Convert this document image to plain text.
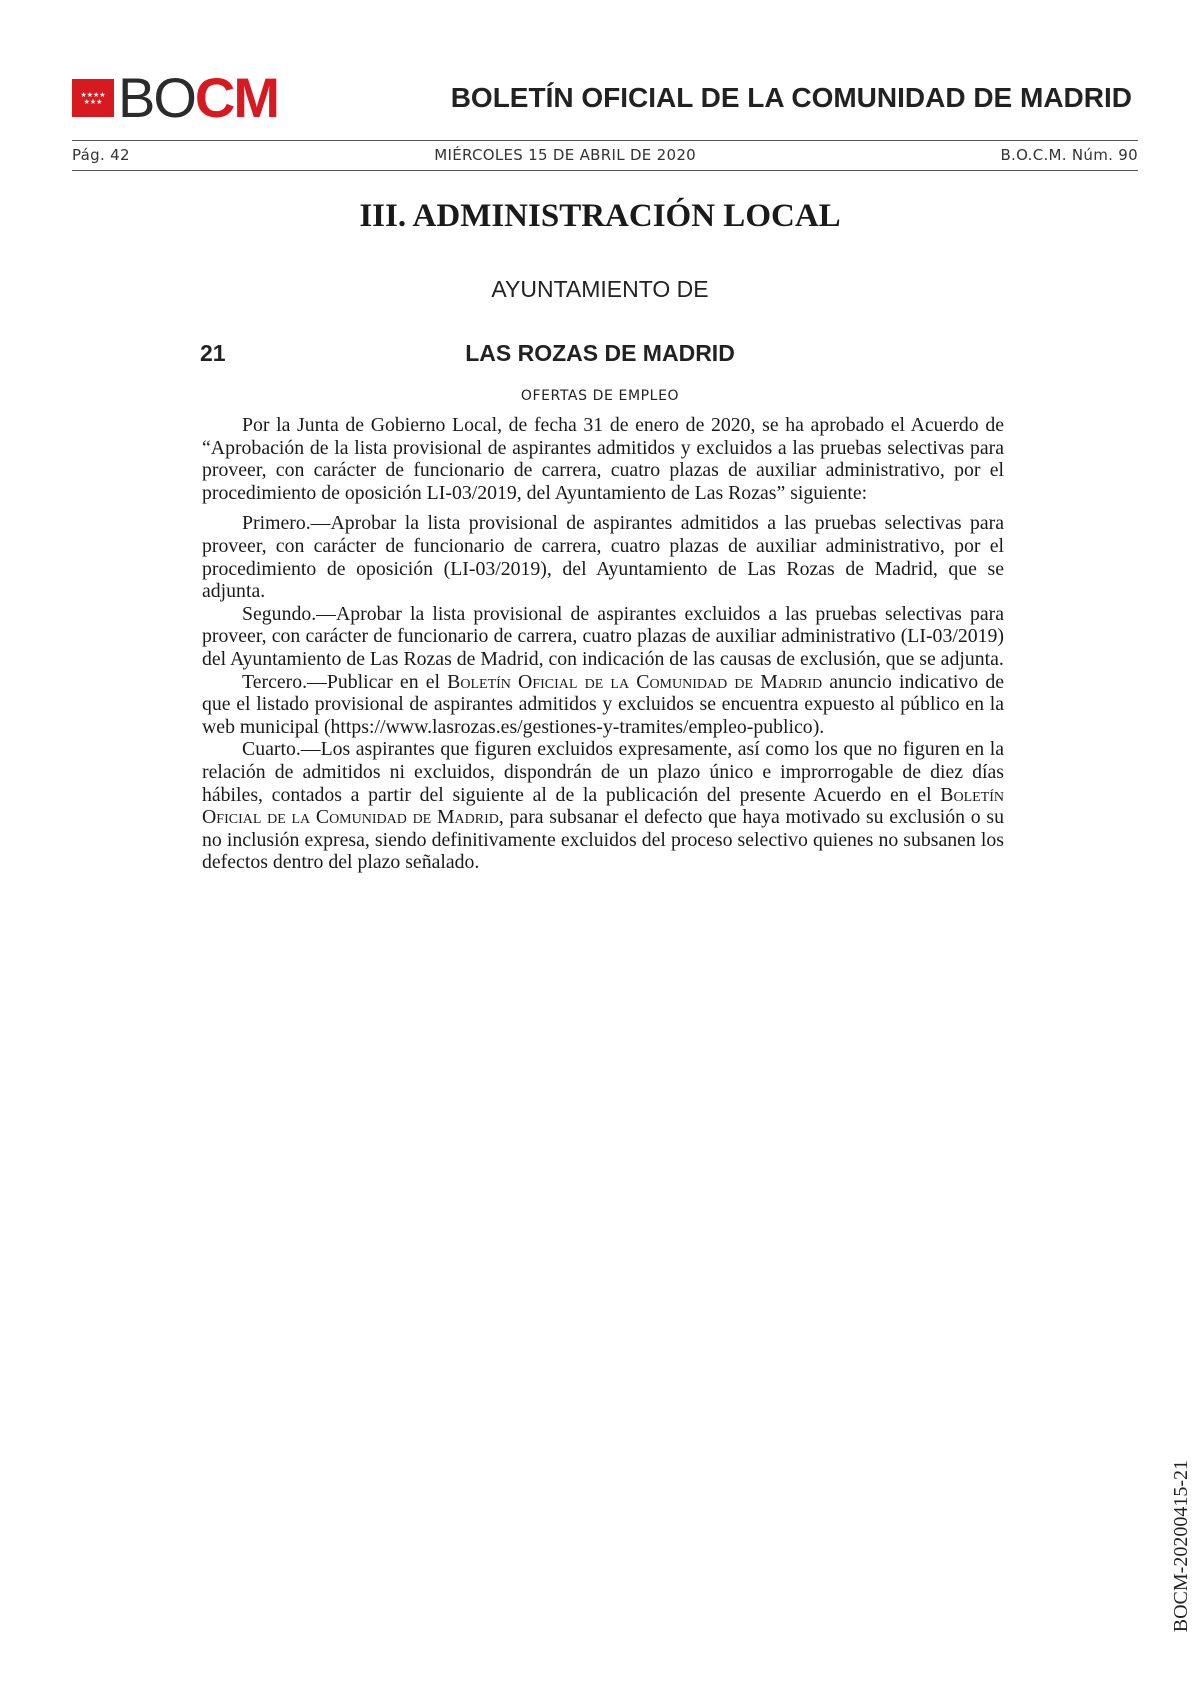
★★★★
★★★ BOCM	BOLETÍN OFICIAL DE LA COMUNIDAD DE MADRID
Pág. 42	MIÉRCOLES 15 DE ABRIL DE 2020	B.O.C.M. Núm. 90
III. ADMINISTRACIÓN LOCAL
AYUNTAMIENTO DE
21	LAS ROZAS DE MADRID
OFERTAS DE EMPLEO

Por la Junta de Gobierno Local, de fecha 31 de enero de 2020, se ha aprobado el Acuerdo de “Aprobación de la lista provisional de aspirantes admitidos y excluidos a las pruebas selectivas para proveer, con carácter de funcionario de carrera, cuatro plazas de auxiliar administrativo, por el procedimiento de oposición LI-03/2019, del Ayuntamiento de Las Rozas” siguiente:

Primero.—Aprobar la lista provisional de aspirantes admitidos a las pruebas selectivas para proveer, con carácter de funcionario de carrera, cuatro plazas de auxiliar administrativo, por el procedimiento de oposición (LI-03/2019), del Ayuntamiento de Las Rozas de Madrid, que se adjunta.

Segundo.—Aprobar la lista provisional de aspirantes excluidos a las pruebas selectivas para proveer, con carácter de funcionario de carrera, cuatro plazas de auxiliar administrativo (LI-03/2019) del Ayuntamiento de Las Rozas de Madrid, con indicación de las causas de exclusión, que se adjunta.

Tercero.—Publicar en el Boletín Oficial de la Comunidad de Madrid anuncio indicativo de que el listado provisional de aspirantes admitidos y excluidos se encuentra expuesto al público en la web municipal (https://www.lasrozas.es/gestiones-y-tramites/empleo-publico).

Cuarto.—Los aspirantes que figuren excluidos expresamente, así como los que no figuren en la relación de admitidos ni excluidos, dispondrán de un plazo único e improrrogable de diez días hábiles, contados a partir del siguiente al de la publicación del presente Acuerdo en el Boletín Oficial de la Comunidad de Madrid, para subsanar el defecto que haya motivado su exclusión o su no inclusión expresa, siendo definitivamente excluidos del proceso selectivo quienes no subsanen los defectos dentro del plazo señalado.

BOCM-20200415-21
